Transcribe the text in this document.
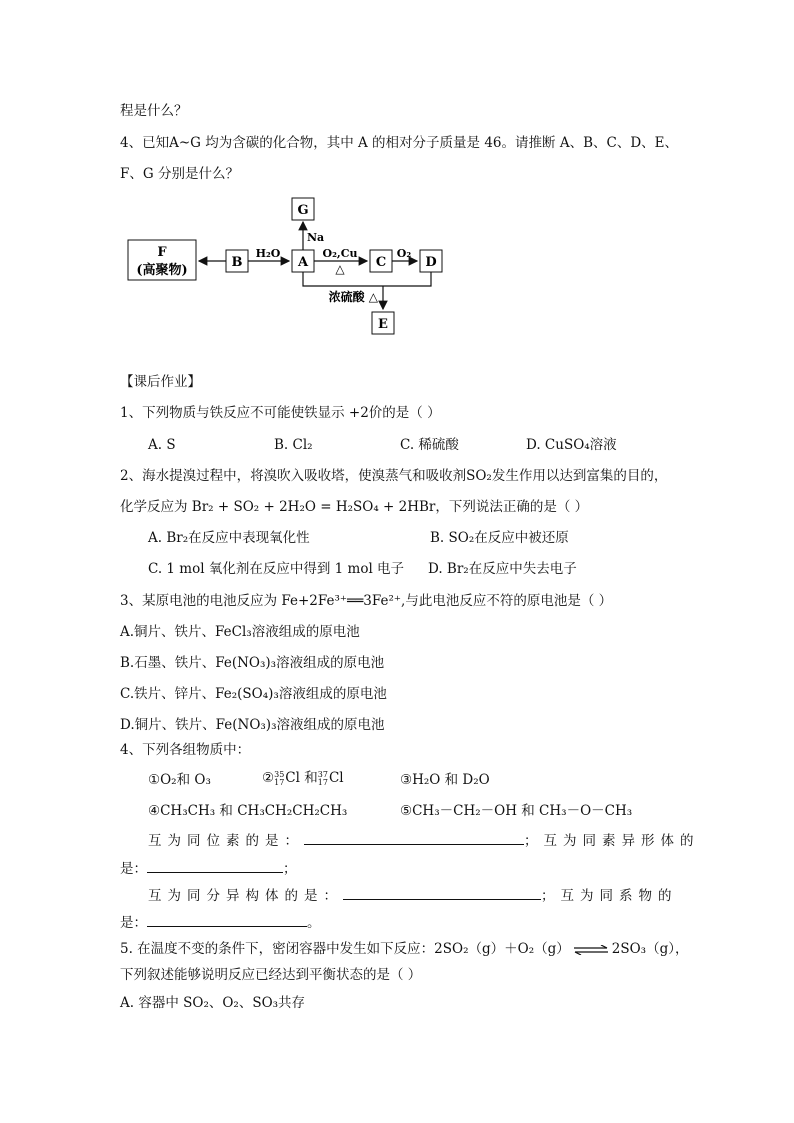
程是什么？
4、已知A~G 均为含碳的化合物，其中 A 的相对分子质量是 46。请推断 A、B、C、D、E、
F、G 分别是什么？
G
F
(高聚物)
B	A	C	D
E
Na
H₂O	O₂,Cu
△
O₂
浓硫酸 △
【课后作业】
1、下列物质与铁反应不可能使铁显示 +2价的是（ ）
A. S	B. Cl₂	C. 稀硫酸	D. CuSO₄溶液
2、海水提溴过程中，将溴吹入吸收塔，使溴蒸气和吸收剂SO₂发生作用以达到富集的目的，
化学反应为 Br₂ + SO₂ + 2H₂O = H₂SO₄ + 2HBr，下列说法正确的是（ ）
A. Br₂在反应中表现氧化性	B. SO₂在反应中被还原
C. 1 mol 氧化剂在反应中得到 1 mol 电子 D. Br₂在反应中失去电子
3、某原电池的电池反应为 Fe+2Fe³⁺══3Fe²⁺,与此电池反应不符的原电池是（ ）
A.铜片、铁片、FeCl₃溶液组成的原电池
B.石墨、铁片、Fe(NO₃)₃溶液组成的原电池
C.铁片、锌片、Fe₂(SO₄)₃溶液组成的原电池
D.铜片、铁片、Fe(NO₃)₃溶液组成的原电池
4、下列各组物质中：
①O₂和 O₃	② 35
17 Cl 和 37
17 Cl	③H₂O 和 D₂O
④CH₃CH₃ 和 CH₃CH₂CH₂CH₃	⑤CH₃－CH₂－OH 和 CH₃－O－CH₃
互为同位素的是：	；互为同素异形体的
是：	；
互为同分异构体的是：	；互为同系物的
是：	。
5. 在温度不变的条件下，密闭容器中发生如下反应：2SO₂（g）＋O₂（g） ⇌ 2SO₃（g），
下列叙述能够说明反应已经达到平衡状态的是（ ）
A. 容器中 SO₂、O₂、SO₃共存
